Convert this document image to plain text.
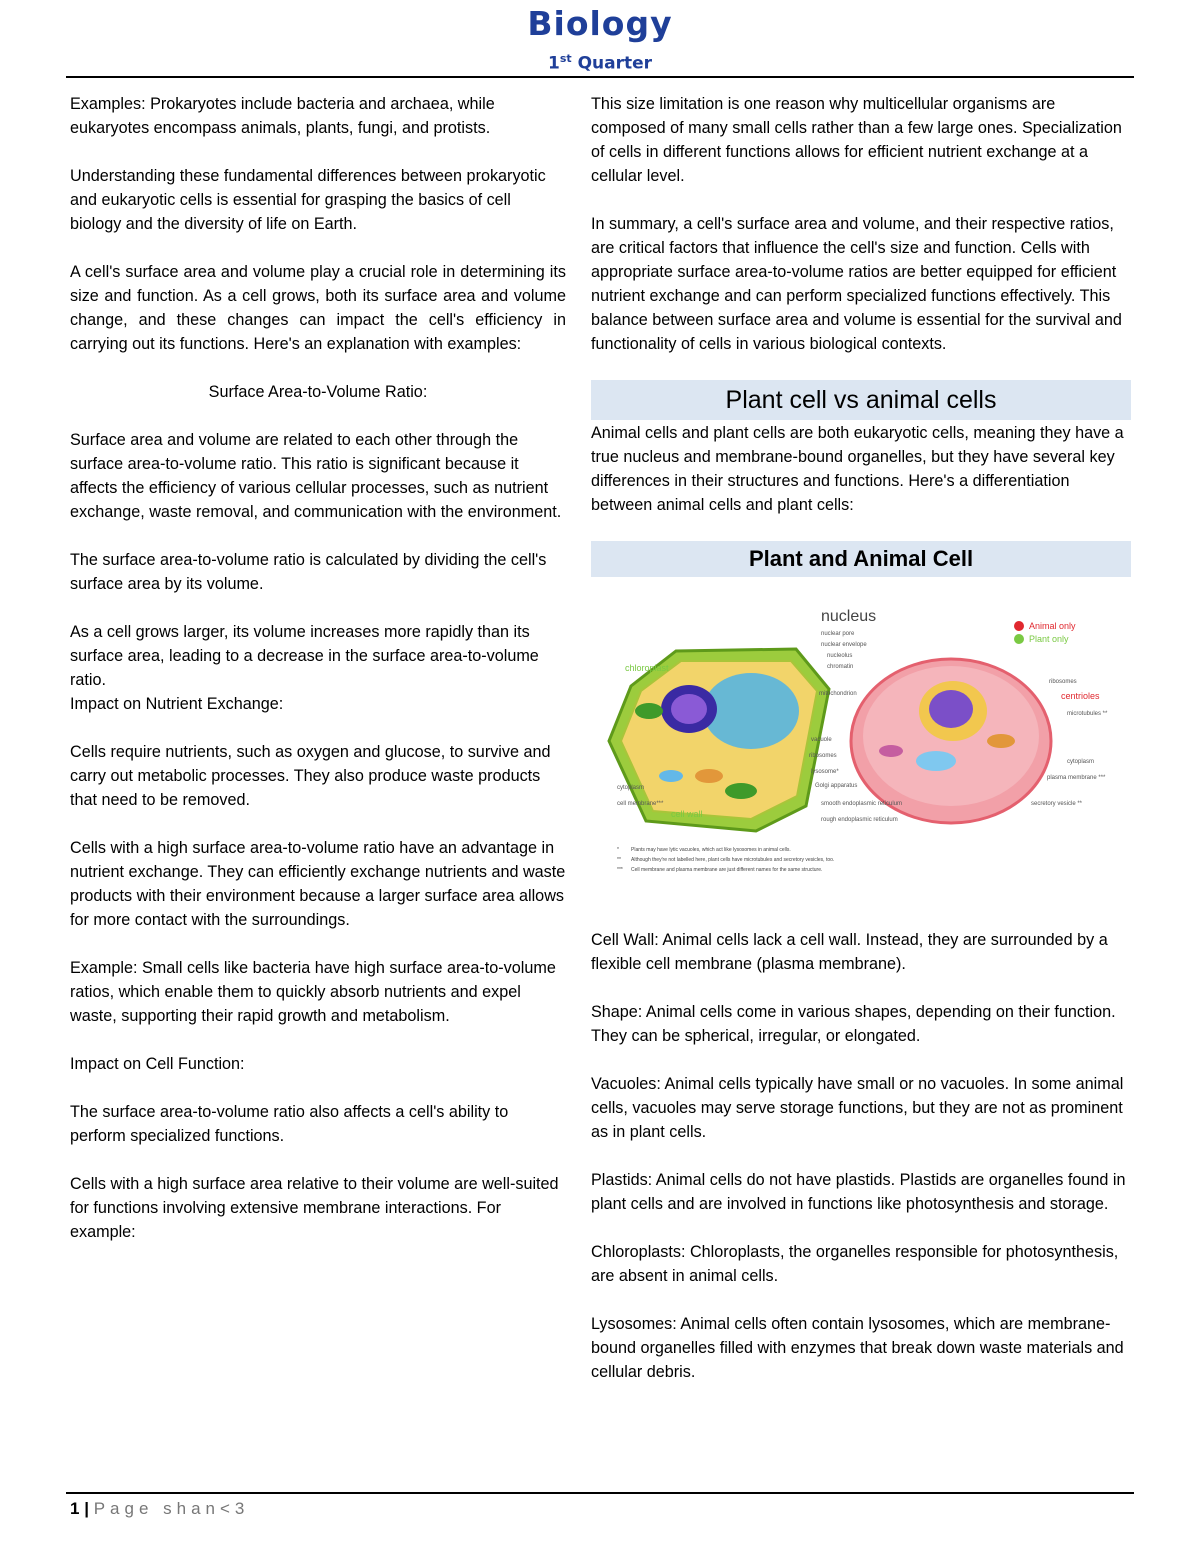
Biology
1st Quarter

Examples: Prokaryotes include bacteria and archaea, while eukaryotes encompass animals, plants, fungi, and protists.

Understanding these fundamental differences between prokaryotic and eukaryotic cells is essential for grasping the basics of cell biology and the diversity of life on Earth.

A cell's surface area and volume play a crucial role in determining its size and function. As a cell grows, both its surface area and volume change, and these changes can impact the cell's efficiency in carrying out its functions. Here's an explanation with examples:

Surface Area-to-Volume Ratio:

Surface area and volume are related to each other through the surface area-to-volume ratio. This ratio is significant because it affects the efficiency of various cellular processes, such as nutrient exchange, waste removal, and communication with the environment.

The surface area-to-volume ratio is calculated by dividing the cell's surface area by its volume.

As a cell grows larger, its volume increases more rapidly than its surface area, leading to a decrease in the surface area-to-volume ratio.

Impact on Nutrient Exchange:

Cells require nutrients, such as oxygen and glucose, to survive and carry out metabolic processes. They also produce waste products that need to be removed.

Cells with a high surface area-to-volume ratio have an advantage in nutrient exchange. They can efficiently exchange nutrients and waste products with their environment because a larger surface area allows for more contact with the surroundings.

Example: Small cells like bacteria have high surface area-to-volume ratios, which enable them to quickly absorb nutrients and expel waste, supporting their rapid growth and metabolism.

Impact on Cell Function:

The surface area-to-volume ratio also affects a cell's ability to perform specialized functions.

Cells with a high surface area relative to their volume are well-suited for functions involving extensive membrane interactions. For example:

This size limitation is one reason why multicellular organisms are composed of many small cells rather than a few large ones. Specialization of cells in different functions allows for efficient nutrient exchange at a cellular level.

In summary, a cell's surface area and volume, and their respective ratios, are critical factors that influence the cell's size and function. Cells with appropriate surface area-to-volume ratios are better equipped for efficient nutrient exchange and can perform specialized functions effectively. This balance between surface area and volume is essential for the survival and functionality of cells in various biological contexts.

Plant cell vs animal cells

Animal cells and plant cells are both eukaryotic cells, meaning they have a true nucleus and membrane-bound organelles, but they have several key differences in their structures and functions. Here's a differentiation between animal cells and plant cells:

Plant and Animal Cell
nucleus
Animal only
Plant only
nuclear pore
nuclear envelope
nucleolus
chromatin
chloroplast
mitochondrion
ribosomes
centrioles
microtubules **
vacuole
ribosomes
lysosome*
Golgi apparatus
cytoplasm
plasma membrane ***
cytoplasm
cell membrane***
cell wall
smooth endoplasmic reticulum
rough endoplasmic reticulum
secretory vesicle **
* Plants may have lytic vacuoles, which act like lysosomes in animal cells.
** Although they're not labelled here, plant cells have microtubules and secretory vesicles, too.
*** Cell membrane and plasma membrane are just different names for the same structure.

Cell Wall: Animal cells lack a cell wall. Instead, they are surrounded by a flexible cell membrane (plasma membrane).

Shape: Animal cells come in various shapes, depending on their function. They can be spherical, irregular, or elongated.

Vacuoles: Animal cells typically have small or no vacuoles. In some animal cells, vacuoles may serve storage functions, but they are not as prominent as in plant cells.

Plastids: Animal cells do not have plastids. Plastids are organelles found in plant cells and are involved in functions like photosynthesis and storage.

Chloroplasts: Chloroplasts, the organelles responsible for photosynthesis, are absent in animal cells.

Lysosomes: Animal cells often contain lysosomes, which are membrane-bound organelles filled with enzymes that break down waste materials and cellular debris.

1 | Page shan<3
